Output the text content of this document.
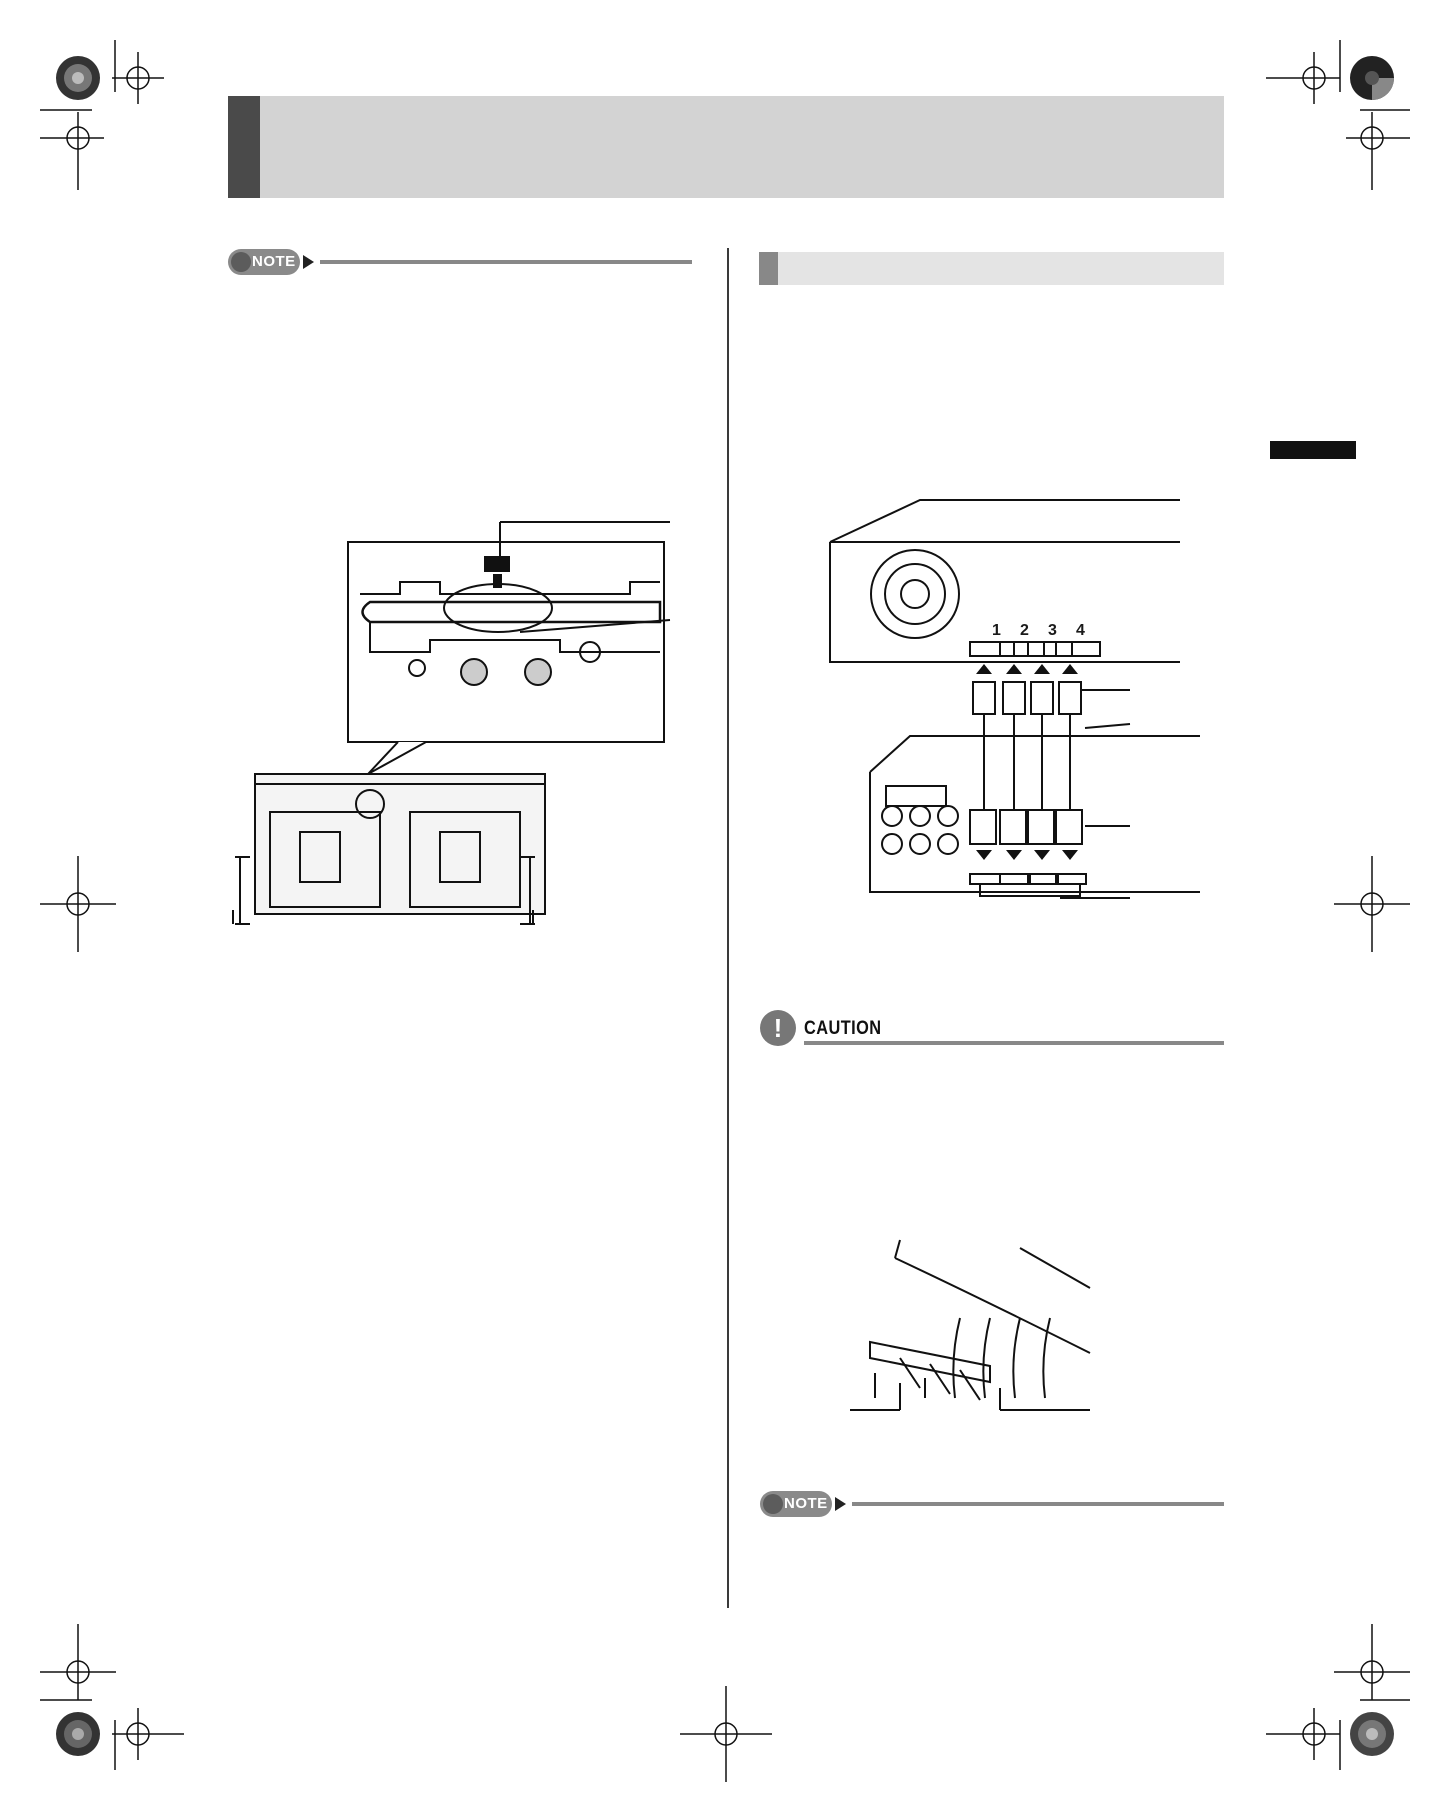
NOTE
1 2 3 4
!	CAUTION
NOTE
